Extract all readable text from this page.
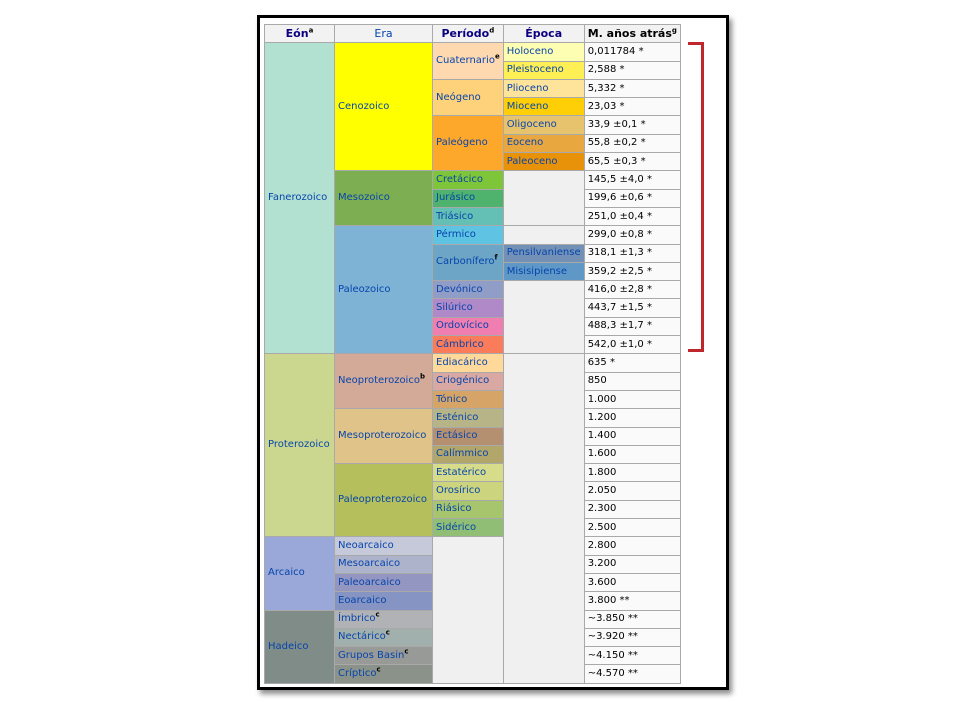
Eón$^a$	Era	Período$^d$	Época	M. años atrás$^g$
Fanerozoico	Cenozoico	Cuaternario$^e$	Holoceno	0,011784 *
			Pleistoceno	2,588 *
		Neógeno	Plioceno	5,332 *
			Mioceno	23,03 *
		Paleógeno	Oligoceno	33,9 ±0,1 *
			Eoceno	55,8 ±0,2 *
			Paleoceno	65,5 ±0,3 *
	Mesozoico	Cretácico		145,5 ±4,0 *
		Jurásico		199,6 ±0,6 *
		Triásico		251,0 ±0,4 *
	Paleozoico	Pérmico		299,0 ±0,8 *
		Carbonífero$^f$	Pensilvaniense	318,1 ±1,3 *
			Misisipiense	359,2 ±2,5 *
		Devónico		416,0 ±2,8 *
		Silúrico		443,7 ±1,5 *
		Ordovícico		488,3 ±1,7 *
		Cámbrico		542,0 ±1,0 *
Proterozoico	Neoproterozoico$^b$	Ediacárico		635 *
		Criogénico		850
		Tónico		1.000
	Mesoproterozoico	Esténico		1.200
		Ectásico		1.400
		Calímmico		1.600
	Paleoproterozoico	Estatérico		1.800
		Orosírico		2.050
		Riásico		2.300
		Sidérico		2.500
Arcaico	Neoarcaico			2.800
	Mesoarcaico			3.200
	Paleoarcaico			3.600
	Eoarcaico			3.800 **
Hadeico	Ímbrico$^c$			~3.850 **
	Nectárico$^c$			~3.920 **
	Grupos Basin$^c$			~4.150 **
	Críptico$^c$			~4.570 **
